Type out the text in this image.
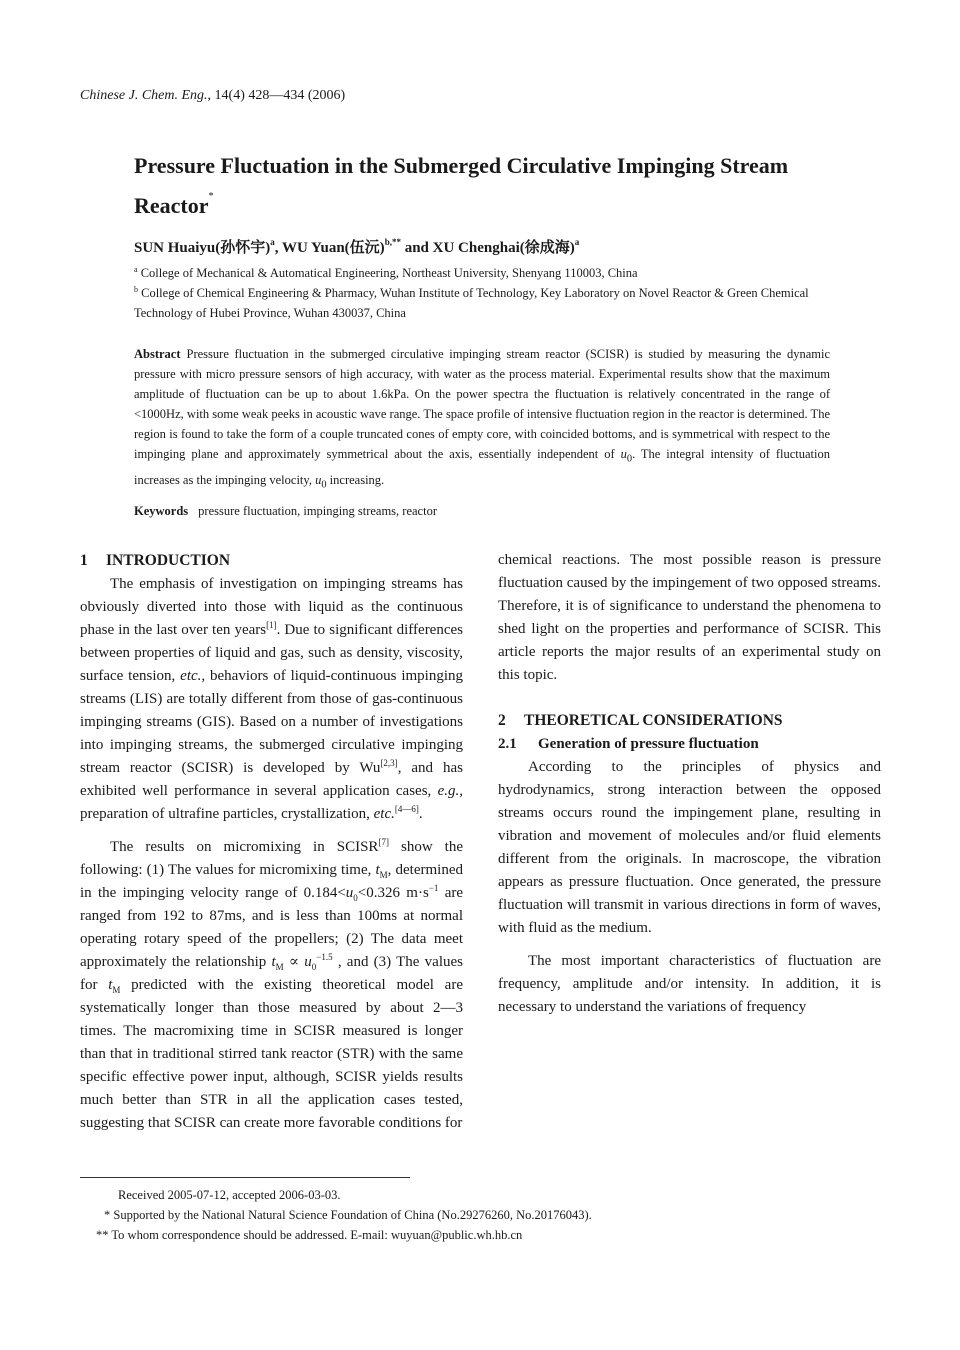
Chinese J. Chem. Eng., 14(4) 428—434 (2006)
Pressure Fluctuation in the Submerged Circulative Impinging Stream Reactor*
SUN Huaiyu(孙怀宇)$^a$, WU Yuan(伍沅)$^{b,**}$ and XU Chenghai(徐成海)$^a$
$^a$ College of Mechanical & Automatical Engineering, Northeast University, Shenyang 110003, China
$^b$ College of Chemical Engineering & Pharmacy, Wuhan Institute of Technology, Key Laboratory on Novel Reactor & Green Chemical Technology of Hubei Province, Wuhan 430037, China
Abstract Pressure fluctuation in the submerged circulative impinging stream reactor (SCISR) is studied by measuring the dynamic pressure with micro pressure sensors of high accuracy, with water as the process material. Experimental results show that the maximum amplitude of fluctuation can be up to about 1.6kPa. On the power spectra the fluctuation is relatively concentrated in the range of <1000Hz, with some weak peeks in acoustic wave range. The space profile of intensive fluctuation region in the reactor is determined. The region is found to take the form of a couple truncated cones of empty core, with coincided bottoms, and is symmetrical with respect to the impinging plane and approximately symmetrical about the axis, essentially independent of $u_0$. The integral intensity of fluctuation increases as the impinging velocity, $u_0$ increasing.
Keywords pressure fluctuation, impinging streams, reactor
1 INTRODUCTION

The emphasis of investigation on impinging streams has obviously diverted into those with liquid as the continuous phase in the last over ten years[1]. Due to significant differences between properties of liquid and gas, such as density, viscosity, surface tension, etc., behaviors of liquid-continuous impinging streams (LIS) are totally different from those of gas-continuous impinging streams (GIS). Based on a number of investigations into impinging streams, the submerged circulative impinging stream reactor (SCISR) is developed by Wu[2,3], and has exhibited well performance in several application cases, e.g., preparation of ultrafine particles, crystallization, etc.[4—6].

The results on micromixing in SCISR[7] show the following: (1) The values for micromixing time, $t_M$, determined in the impinging velocity range of $0.184<u_0<0.326$ $m\cdot s^{-1}$ are ranged from 192 to 87ms, and is less than 100ms at normal operating rotary speed of the propellers; (2) The data meet approximately the relationship $t_M \propto u_0^{-1.5}$ , and (3) The values for $t_M$ predicted with the existing theoretical model are systematically longer than those measured by about 2—3 times. The macromixing time in SCISR measured is longer than that in traditional stirred tank reactor (STR) with the same specific effective power input, although, SCISR yields results much better than STR in all the application cases tested, suggesting that SCISR can create more favorable conditions for

chemical reactions. The most possible reason is pressure fluctuation caused by the impingement of two opposed streams. Therefore, it is of significance to understand the phenomena to shed light on the properties and performance of SCISR. This article reports the major results of an experimental study on this topic.

2 THEORETICAL CONSIDERATIONS
2.1 Generation of pressure fluctuation

According to the principles of physics and hydrodynamics, strong interaction between the opposed streams occurs round the impingement plane, resulting in vibration and movement of molecules and/or fluid elements different from the originals. In macroscope, the vibration appears as pressure fluctuation. Once generated, the pressure fluctuation will transmit in various directions in form of waves, with fluid as the medium.

The most important characteristics of fluctuation are frequency, amplitude and/or intensity. In addition, it is necessary to understand the variations of frequency

Received 2005-07-12, accepted 2006-03-03.
* Supported by the National Natural Science Foundation of China (No.29276260, No.20176043).
** To whom correspondence should be addressed. E-mail: wuyuan@public.wh.hb.cn
